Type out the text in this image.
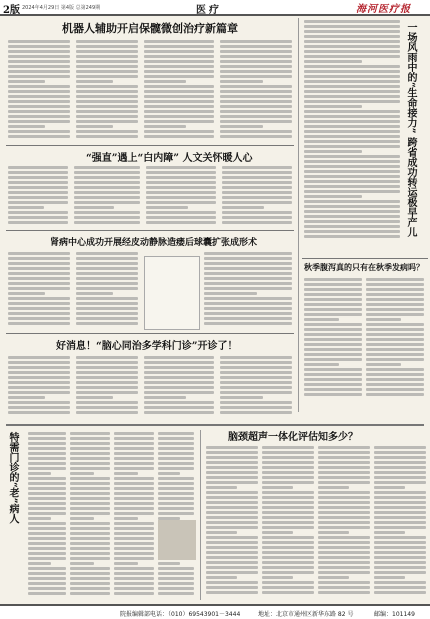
2版 2024年4月29日 第4版 总第249期	医疗	海河医疗报
机器人辅助开启保髋微创治疗新篇章
“强直”遇上“白内障” 人文关怀暖人心
肾病中心成功开展经皮动静脉造瘘后球囊扩张成形术
好消息！“脑心同治多学科门诊”开诊了！
一场风雨中的“生命接力” 跨省成功转运极早产儿
秋季腹泻真的只有在秋季发病吗？
特需门诊的“老”病人	脑颈超声一体化评估知多少？
院报编辑部电话：（010）69543901－3444	地址：北京市通州区新华东路 82 号	邮编：101149
